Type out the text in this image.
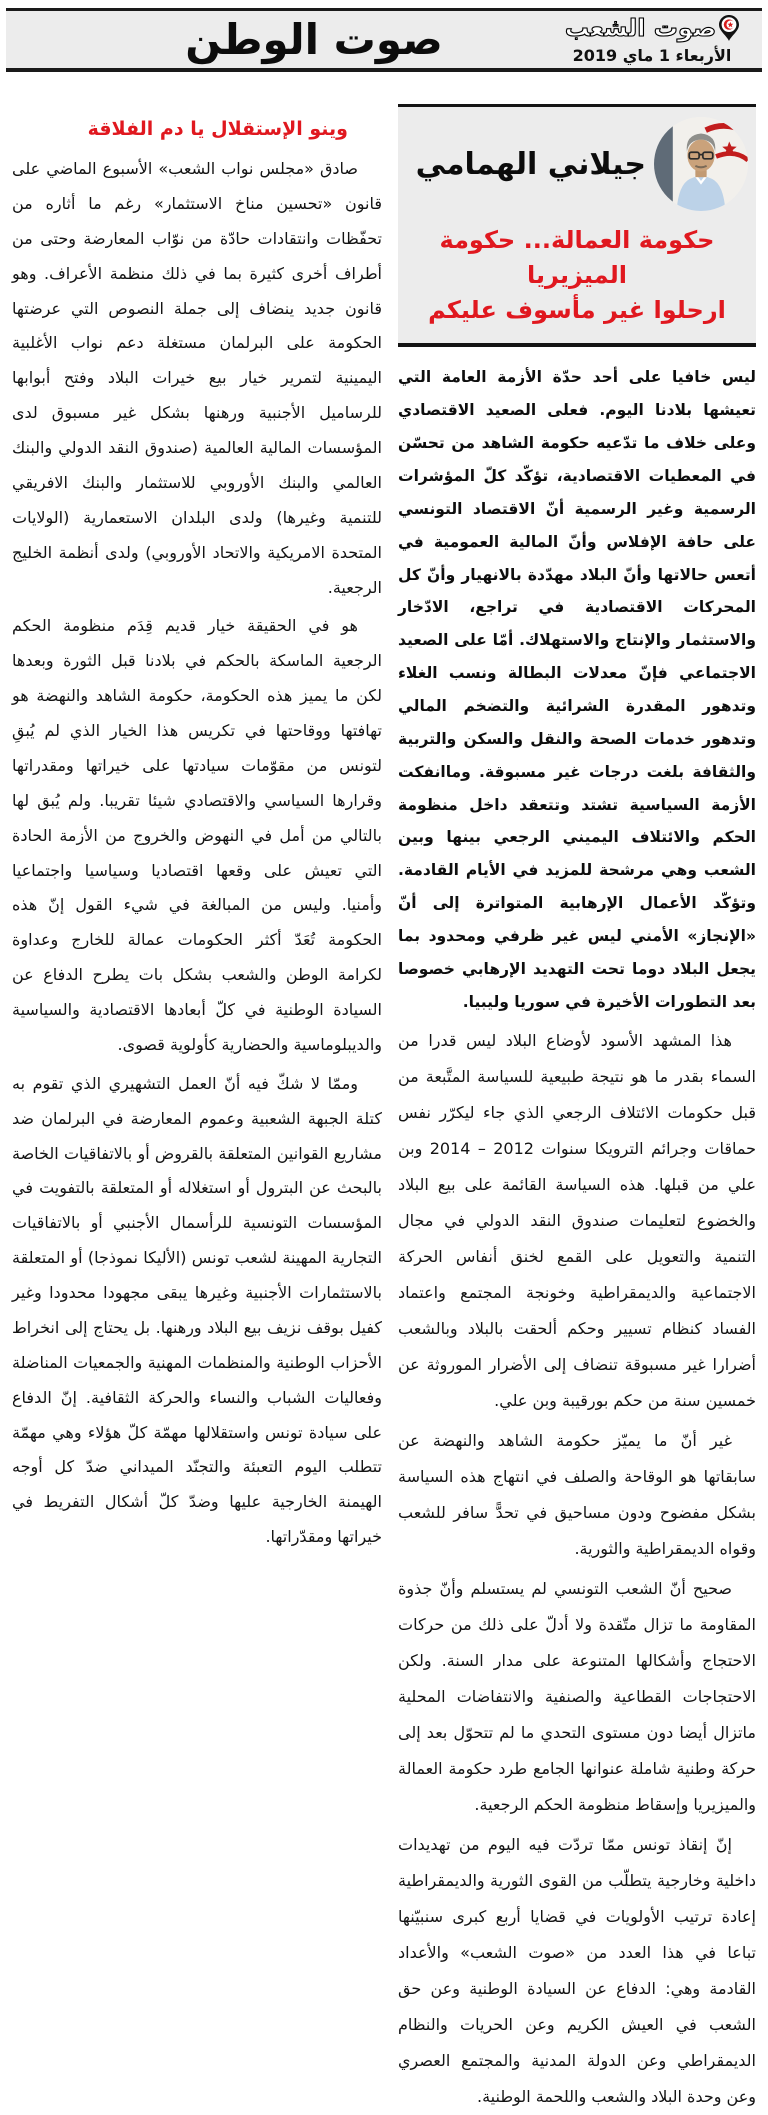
صوت الشعب
الأربعاء 1 ماي 2019
صوت الوطن
جيلاني الهمامي
حكومة العمالة... حكومة الميزيريا
ارحلوا غير مأسوف عليكم

ليس خافيا على أحد حدّة الأزمة العامة التي تعيشها بلادنا اليوم. فعلى الصعيد الاقتصادي وعلى خلاف ما تدّعيه حكومة الشاهد من تحسّن في المعطيات الاقتصادية، تؤكّد كلّ المؤشرات الرسمية وغير الرسمية أنّ الاقتصاد التونسي على حافة الإفلاس وأنّ المالية العمومية في أتعس حالاتها وأنّ البلاد مهدّدة بالانهيار وأنّ كل المحركات الاقتصادية في تراجع، الادّخار والاستثمار والإنتاج والاستهلاك. أمّا على الصعيد الاجتماعي فإنّ معدلات البطالة ونسب الغلاء وتدهور المقدرة الشرائية والتضخم المالي وتدهور خدمات الصحة والنقل والسكن والتربية والثقافة بلغت درجات غير مسبوقة. وماانفكت الأزمة السياسية تشتد وتتعقد داخل منظومة الحكم والائتلاف اليميني الرجعي بينها وبين الشعب وهي مرشحة للمزيد في الأيام القادمة. وتؤكّد الأعمال الإرهابية المتواترة إلى أنّ «الإنجاز» الأمني ليس غير ظرفي ومحدود بما يجعل البلاد دوما تحت التهديد الإرهابي خصوصا بعد التطورات الأخيرة في سوريا وليبيا.

هذا المشهد الأسود لأوضاع البلاد ليس قدرا من السماء بقدر ما هو نتيجة طبيعية للسياسة المتَّبعة من قبل حكومات الائتلاف الرجعي الذي جاء ليكرّر نفس حماقات وجرائم الترويكا سنوات 2012 – 2014 وبن علي من قبلها. هذه السياسة القائمة على بيع البلاد والخضوع لتعليمات صندوق النقد الدولي في مجال التنمية والتعويل على القمع لخنق أنفاس الحركة الاجتماعية والديمقراطية وخونجة المجتمع واعتماد الفساد كنظام تسيير وحكم ألحقت بالبلاد وبالشعب أضرارا غير مسبوقة تنضاف إلى الأضرار الموروثة عن خمسين سنة من حكم بورقيبة وبن علي.

غير أنّ ما يميّز حكومة الشاهد والنهضة عن سابقاتها هو الوقاحة والصلف في انتهاج هذه السياسة بشكل مفضوح ودون مساحيق في تحدًّ سافر للشعب وقواه الديمقراطية والثورية.

صحيح أنّ الشعب التونسي لم يستسلم وأنّ جذوة المقاومة ما تزال متّقدة ولا أدلّ على ذلك من حركات الاحتجاج وأشكالها المتنوعة على مدار السنة. ولكن الاحتجاجات القطاعية والصنفية والانتفاضات المحلية ماتزال أيضا دون مستوى التحدي ما لم تتحوّل بعد إلى حركة وطنية شاملة عنوانها الجامع طرد حكومة العمالة والميزيريا وإسقاط منظومة الحكم الرجعية.

إنّ إنقاذ تونس ممّا تردّت فيه اليوم من تهديدات داخلية وخارجية يتطلّب من القوى الثورية والديمقراطية إعادة ترتيب الأولويات في قضايا أربع كبرى سنبيّنها تباعا في هذا العدد من «صوت الشعب» والأعداد القادمة وهي: الدفاع عن السيادة الوطنية وعن حق الشعب في العيش الكريم وعن الحريات والنظام الديمقراطي وعن الدولة المدنية والمجتمع العصري وعن وحدة البلاد والشعب واللحمة الوطنية.

وينو الإستقلال يا دم الفلاقة

صادق «مجلس نواب الشعب» الأسبوع الماضي على قانون «تحسين مناخ الاستثمار» رغم ما أثاره من تحفّظات وانتقادات حادّة من نوّاب المعارضة وحتى من أطراف أخرى كثيرة بما في ذلك منظمة الأعراف. وهو قانون جديد ينضاف إلى جملة النصوص التي عرضتها الحكومة على البرلمان مستغلة دعم نواب الأغلبية اليمينية لتمرير خيار بيع خيرات البلاد وفتح أبوابها للرساميل الأجنبية ورهنها بشكل غير مسبوق لدى المؤسسات المالية العالمية (صندوق النقد الدولي والبنك العالمي والبنك الأوروبي للاستثمار والبنك الافريقي للتنمية وغيرها) ولدى البلدان الاستعمارية (الولايات المتحدة الامريكية والاتحاد الأوروبي) ولدى أنظمة الخليج الرجعية.

هو في الحقيقة خيار قديم قِدَم منظومة الحكم الرجعية الماسكة بالحكم في بلادنا قبل الثورة وبعدها لكن ما يميز هذه الحكومة، حكومة الشاهد والنهضة هو تهافتها ووقاحتها في تكريس هذا الخيار الذي لم يُبقِ لتونس من مقوّمات سيادتها على خيراتها ومقدراتها وقرارها السياسي والاقتصادي شيئا تقريبا. ولم يُبق لها بالتالي من أمل في النهوض والخروج من الأزمة الحادة التي تعيش على وقعها اقتصاديا وسياسيا واجتماعيا وأمنيا. وليس من المبالغة في شيء القول إنّ هذه الحكومة تُعَدّ أكثر الحكومات عمالة للخارج وعداوة لكرامة الوطن والشعب بشكل بات يطرح الدفاع عن السيادة الوطنية في كلّ أبعادها الاقتصادية والسياسية والديبلوماسية والحضارية كأولوية قصوى.

وممّا لا شكّ فيه أنّ العمل التشهيري الذي تقوم به كتلة الجبهة الشعبية وعموم المعارضة في البرلمان ضد مشاريع القوانين المتعلقة بالقروض أو بالاتفاقيات الخاصة بالبحث عن البترول أو استغلاله أو المتعلقة بالتفويت في المؤسسات التونسية للرأسمال الأجنبي أو بالاتفاقيات التجارية المهينة لشعب تونس (الأليكا نموذجا) أو المتعلقة بالاستثمارات الأجنبية وغيرها يبقى مجهودا محدودا وغير كفيل بوقف نزيف بيع البلاد ورهنها. بل يحتاج إلى انخراط الأحزاب الوطنية والمنظمات المهنية والجمعيات المناضلة وفعاليات الشباب والنساء والحركة الثقافية. إنّ الدفاع على سيادة تونس واستقلالها مهمّة كلّ هؤلاء وهي مهمّة تتطلب اليوم التعبئة والتجنّد الميداني ضدّ كل أوجه الهيمنة الخارجية عليها وضدّ كلّ أشكال التفريط في خيراتها ومقدّراتها.
